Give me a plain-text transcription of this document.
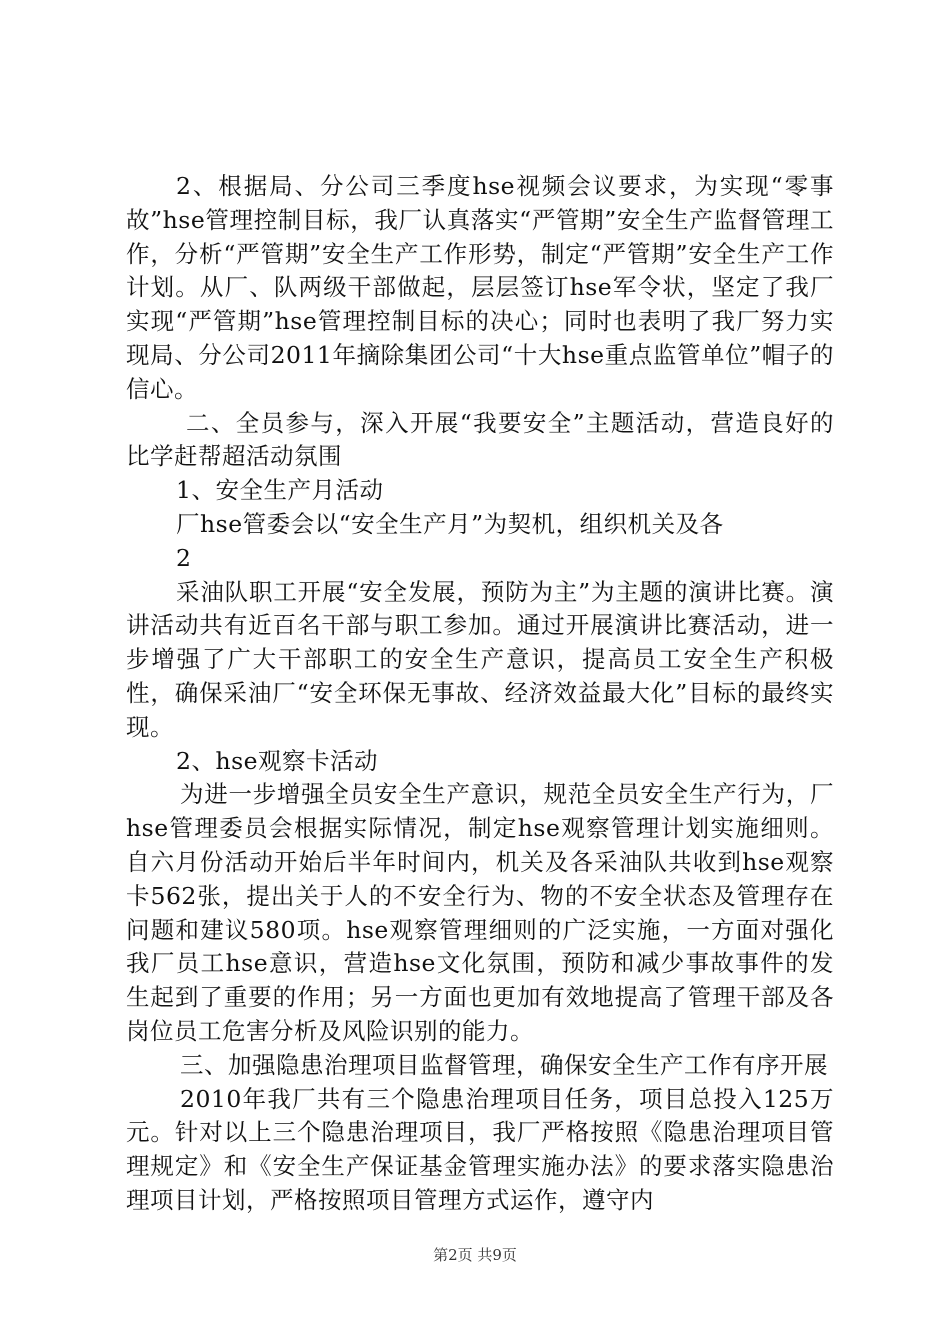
2、根据局、分公司三季度hse视频会议要求，为实现“零事故”hse管理控制目标，我厂认真落实“严管期”安全生产监督管理工作，分析“严管期”安全生产工作形势，制定“严管期”安全生产工作计划。从厂、队两级干部做起，层层签订hse军令状，坚定了我厂实现“严管期”hse管理控制目标的决心；同时也表明了我厂努力实现局、分公司2011年摘除集团公司“十大hse重点监管单位”帽子的信心。

二、全员参与，深入开展“我要安全”主题活动，营造良好的比学赶帮超活动氛围

1、安全生产月活动

厂hse管委会以“安全生产月”为契机，组织机关及各

2

采油队职工开展“安全发展，预防为主”为主题的演讲比赛。演讲活动共有近百名干部与职工参加。通过开展演讲比赛活动，进一步增强了广大干部职工的安全生产意识，提高员工安全生产积极性，确保采油厂“安全环保无事故、经济效益最大化”目标的最终实现。

2、hse观察卡活动

为进一步增强全员安全生产意识，规范全员安全生产行为，厂hse管理委员会根据实际情况，制定hse观察管理计划实施细则。自六月份活动开始后半年时间内，机关及各采油队共收到hse观察卡562张，提出关于人的不安全行为、物的不安全状态及管理存在问题和建议580项。hse观察管理细则的广泛实施，一方面对强化我厂员工hse意识，营造hse文化氛围，预防和减少事故事件的发生起到了重要的作用；另一方面也更加有效地提高了管理干部及各岗位员工危害分析及风险识别的能力。

三、加强隐患治理项目监督管理，确保安全生产工作有序开展

2010年我厂共有三个隐患治理项目任务，项目总投入125万元。针对以上三个隐患治理项目，我厂严格按照《隐患治理项目管理规定》和《安全生产保证基金管理实施办法》的要求落实隐患治理项目计划，严格按照项目管理方式运作，遵守内

第2页 共9页
